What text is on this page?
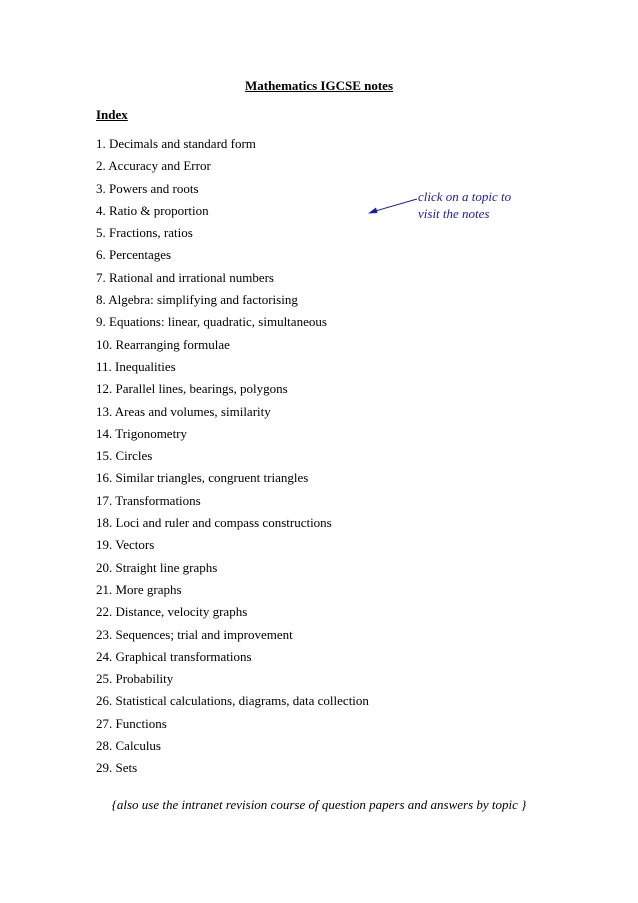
Mathematics IGCSE notes
Index
1. Decimals and standard form
2. Accuracy and Error
3. Powers and roots
4. Ratio & proportion
5. Fractions, ratios
6. Percentages
7. Rational and irrational numbers
8. Algebra: simplifying and factorising
9. Equations: linear, quadratic, simultaneous
10. Rearranging formulae
11. Inequalities
12. Parallel lines, bearings, polygons
13. Areas and volumes, similarity
14. Trigonometry
15. Circles
16. Similar triangles, congruent triangles
17. Transformations
18. Loci and ruler and compass constructions
19. Vectors
20. Straight line graphs
21. More graphs
22. Distance, velocity graphs
23. Sequences; trial and improvement
24. Graphical transformations
25. Probability
26. Statistical calculations, diagrams, data collection
27. Functions
28. Calculus
29. Sets
click on a topic to
visit the notes
{also use the intranet revision course of question papers and answers by topic }
